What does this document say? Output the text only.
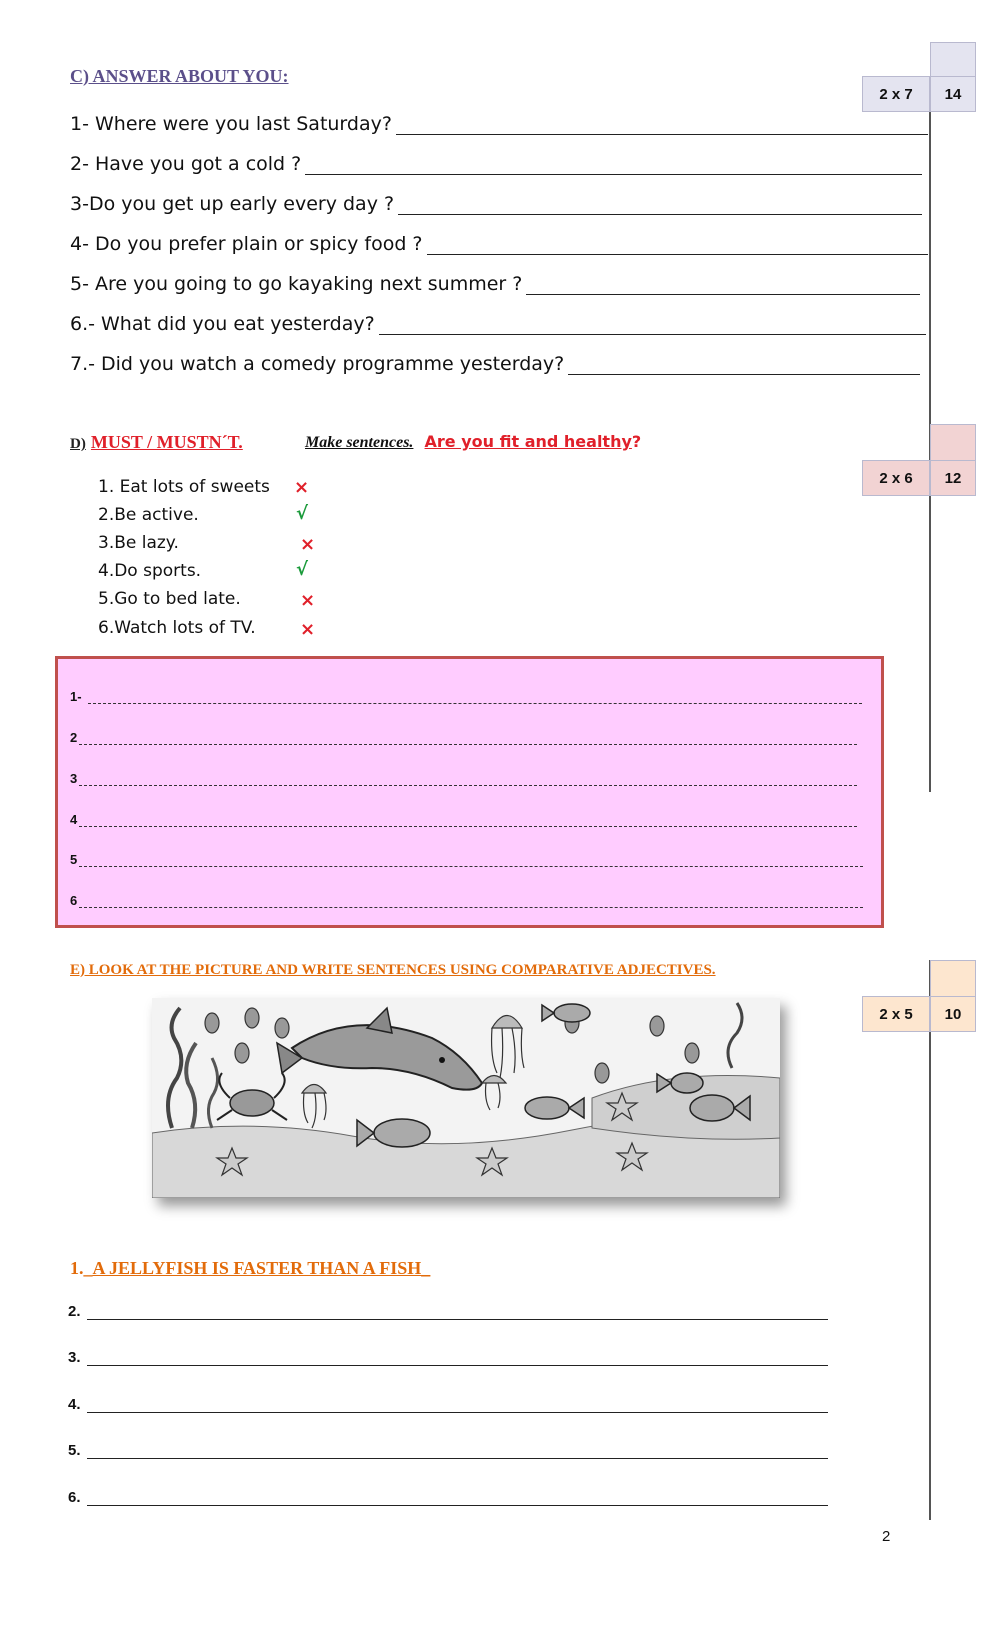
C) ANSWER ABOUT YOU:
2 x 7	14
1- Where were you last Saturday?
2- Have you got a cold ?
3-Do you get up early every day ?
4- Do you prefer plain or spicy food ?
5- Are you going to go kayaking next summer ?
6.- What did you eat yesterday?
7.- Did you watch a comedy programme yesterday?
D) MUST / MUSTN´T.	Make sentences. Are you fit and healthy?
2 x 6	12
1. Eat lots of sweets ×
2.Be active.	√
3.Be lazy.	×
4.Do sports.	√
5.Go to bed late.	×
6.Watch lots of TV. ×
1-
2
3
4
5
6
E) LOOK AT THE PICTURE AND WRITE SENTENCES USING COMPARATIVE ADJECTIVES.
2 x 5	10
1._A JELLYFISH IS FASTER THAN A FISH_
2.
3.
4.
5.
6.
2
